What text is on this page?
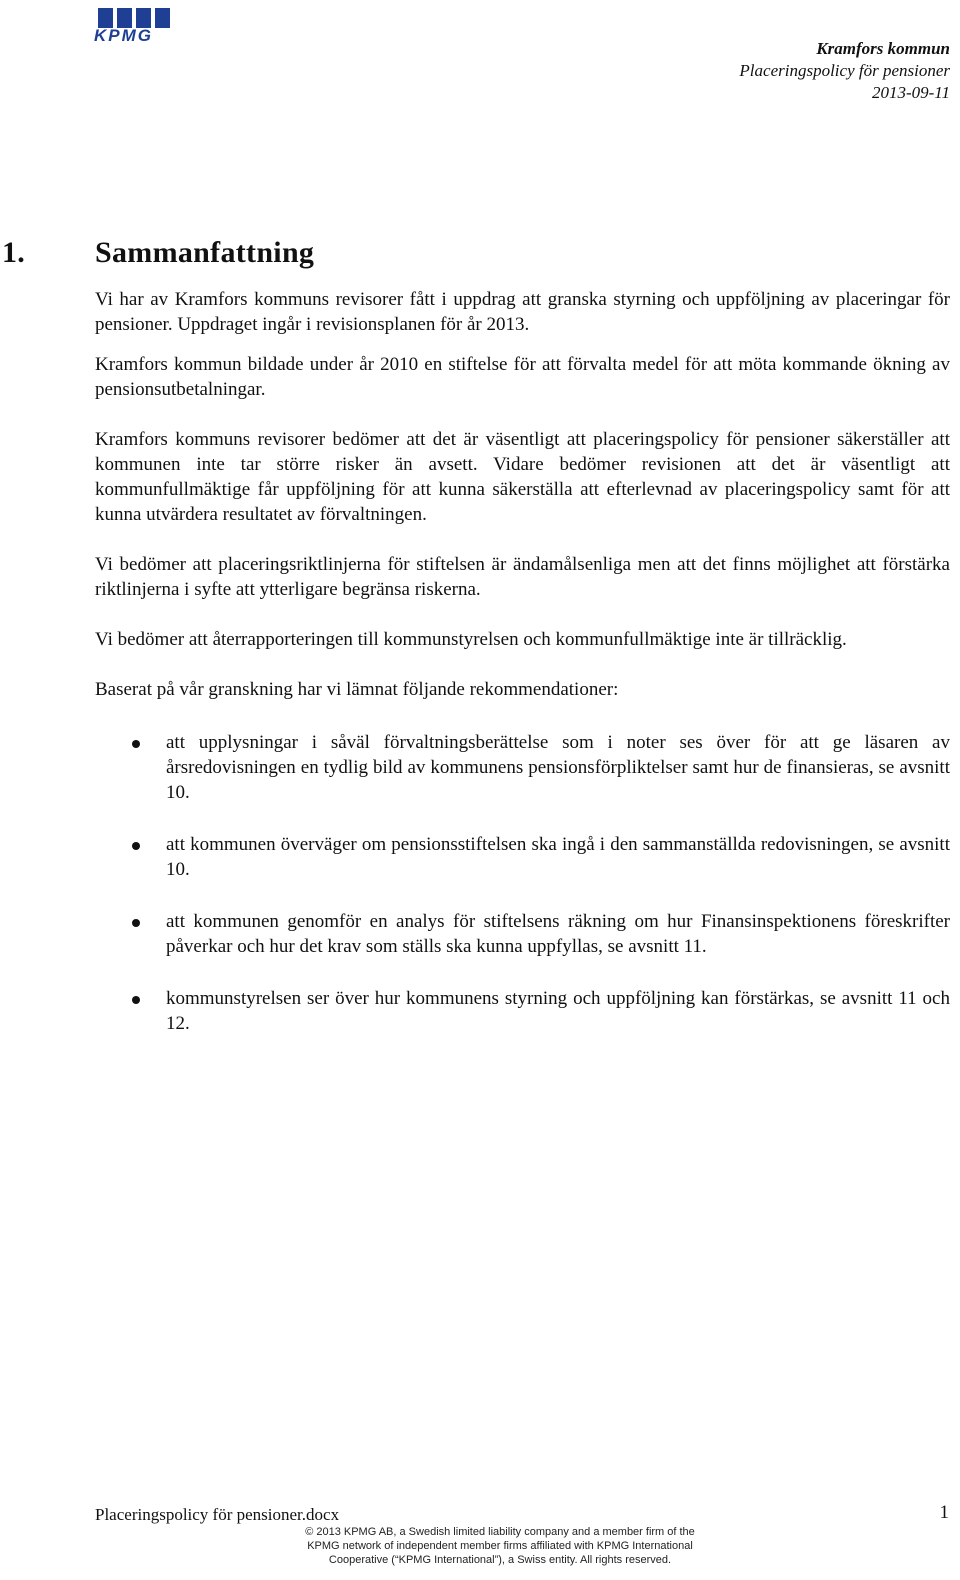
KPMG
Kramfors kommun
Placeringspolicy för pensioner
2013-09-11
1. Sammanfattning

Vi har av Kramfors kommuns revisorer fått i uppdrag att granska styrning och uppföljning av placeringar för pensioner. Uppdraget ingår i revisionsplanen för år 2013.

Kramfors kommun bildade under år 2010 en stiftelse för att förvalta medel för att möta kommande ökning av pensionsutbetalningar.

Kramfors kommuns revisorer bedömer att det är väsentligt att placeringspolicy för pensioner säkerställer att kommunen inte tar större risker än avsett. Vidare bedömer revisionen att det är väsentligt att kommunfullmäktige får uppföljning för att kunna säkerställa att efterlevnad av placeringspolicy samt för att kunna utvärdera resultatet av förvaltningen.

Vi bedömer att placeringsriktlinjerna för stiftelsen är ändamålsenliga men att det finns möjlighet att förstärka riktlinjerna i syfte att ytterligare begränsa riskerna.

Vi bedömer att återrapporteringen till kommunstyrelsen och kommunfullmäktige inte är tillräcklig.

Baserat på vår granskning har vi lämnat följande rekommendationer:

att upplysningar i såväl förvaltningsberättelse som i noter ses över för att ge läsaren av årsredovisningen en tydlig bild av kommunens pensionsförpliktelser samt hur de finansieras, se avsnitt 10.
att kommunen överväger om pensionsstiftelsen ska ingå i den sammanställda redovisningen, se avsnitt 10.
att kommunen genomför en analys för stiftelsens räkning om hur Finansinspektionens föreskrifter påverkar och hur det krav som ställs ska kunna uppfyllas, se avsnitt 11.
kommunstyrelsen ser över hur kommunens styrning och uppföljning kan förstärkas, se avsnitt 11 och 12.
Placeringspolicy för pensioner.docx	1
© 2013 KPMG AB, a Swedish limited liability company and a member firm of the
KPMG network of independent member firms affiliated with KPMG International
Cooperative (“KPMG International”), a Swiss entity. All rights reserved.
